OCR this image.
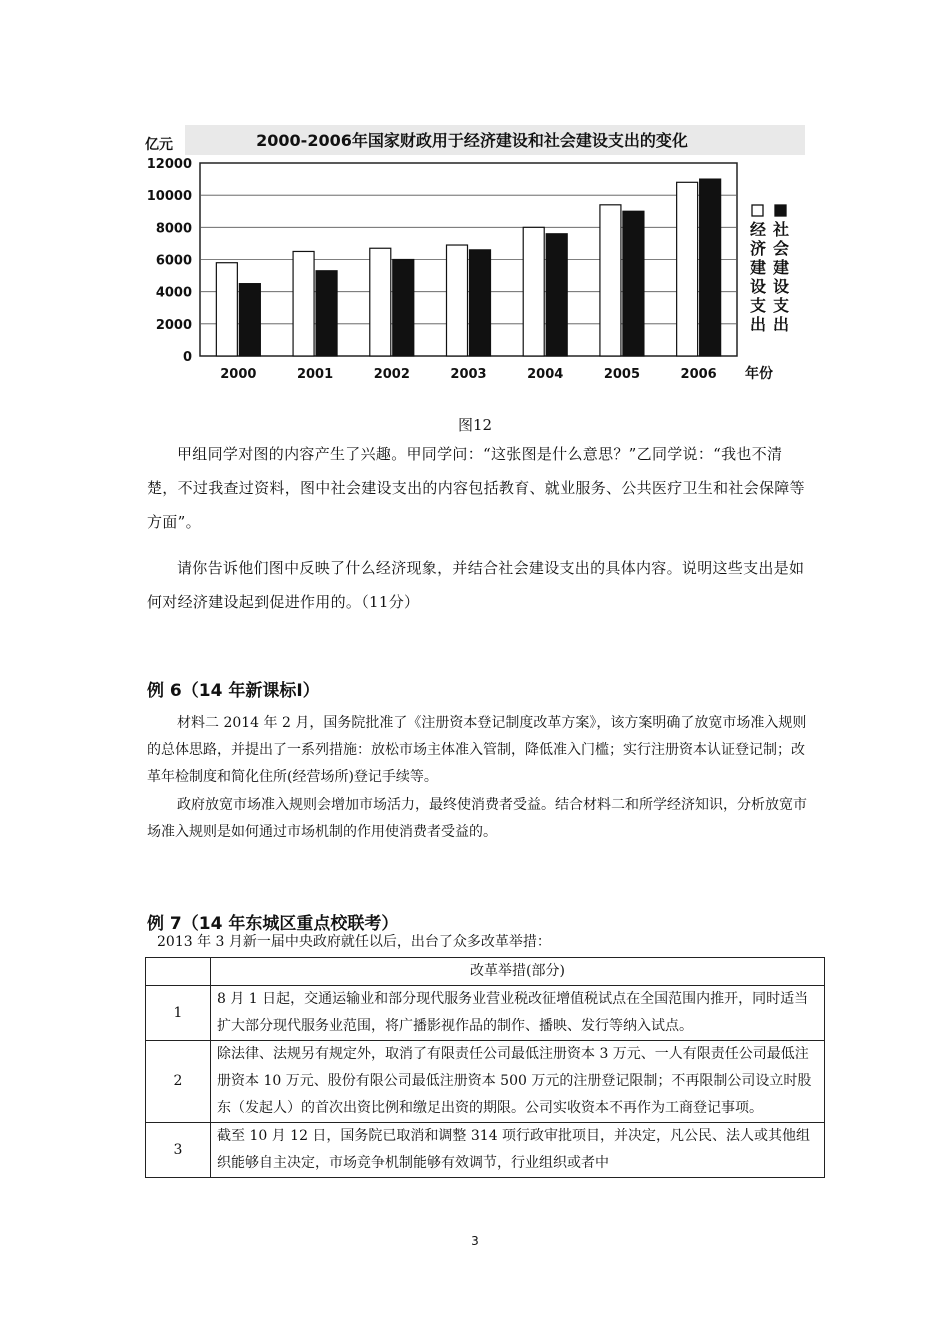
2000-2006年国家财政用于经济建设和社会建设支出的变化
亿元
0
2000
4000
6000
8000
10000
12000
2000	2001	2002	2003	2004	2005	2006 年份
经
济
建
设
支
出
社
会
建
设
支
出
图12
甲组同学对图的内容产生了兴趣。甲同学问：“这张图是什么意思？”乙同学说：“我也不清楚，不过我查过资料，图中社会建设支出的内容包括教育、就业服务、公共医疗卫生和社会保障等方面”。
请你告诉他们图中反映了什么经济现象，并结合社会建设支出的具体内容。说明这些支出是如何对经济建设起到促进作用的。（11分）
例 6（14 年新课标Ⅰ）
材料二 2014 年 2 月，国务院批准了《注册资本登记制度改革方案》，该方案明确了放宽市场准入规则的总体思路，并提出了一系列措施：放松市场主体准入管制，降低准入门槛；实行注册资本认证登记制；改革年检制度和简化住所(经营场所)登记手续等。
政府放宽市场准入规则会增加市场活力，最终使消费者受益。结合材料二和所学经济知识，分析放宽市场准入规则是如何通过市场机制的作用使消费者受益的。
例 7（14 年东城区重点校联考）
2013 年 3 月新一届中央政府就任以后，出台了众多改革举措：
	改革举措(部分)
1	8 月 1 日起，交通运输业和部分现代服务业营业税改征增值税试点在全国范围内推开，同时适当扩大部分现代服务业范围，将广播影视作品的制作、播映、发行等纳入试点。
2	除法律、法规另有规定外，取消了有限责任公司最低注册资本 3 万元、一人有限责任公司最低注册资本 10 万元、股份有限公司最低注册资本 500 万元的注册登记限制；不再限制公司设立时股东（发起人）的首次出资比例和缴足出资的期限。公司实收资本不再作为工商登记事项。
3	截至 10 月 12 日，国务院已取消和调整 314 项行政审批项目，并决定，凡公民、法人或其他组织能够自主决定，市场竞争机制能够有效调节，行业组织或者中
3
